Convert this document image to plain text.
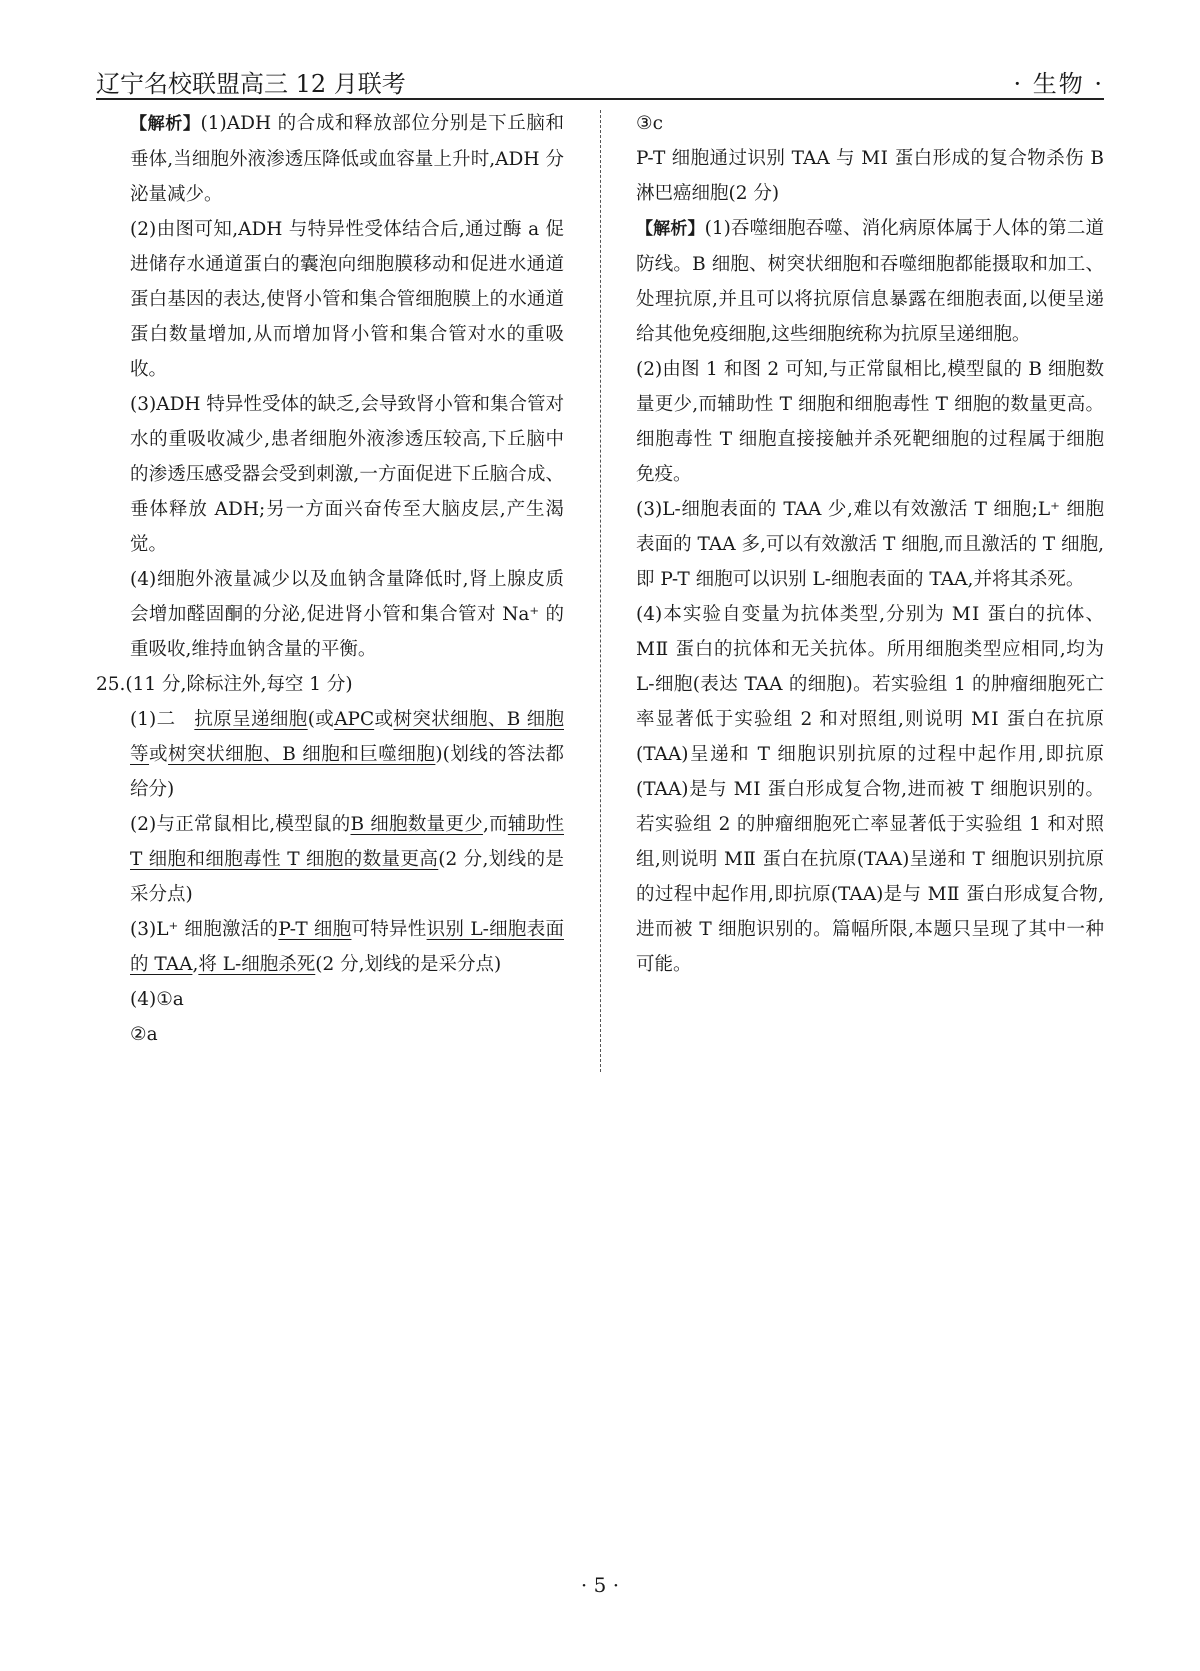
辽宁名校联盟高三 12 月联考	· 生物 ·

【解析】(1)ADH 的合成和释放部位分别是下丘脑和垂体,当细胞外液渗透压降低或血容量上升时,ADH 分泌量减少。

(2)由图可知,ADH 与特异性受体结合后,通过酶 a 促进储存水通道蛋白的囊泡向细胞膜移动和促进水通道蛋白基因的表达,使肾小管和集合管细胞膜上的水通道蛋白数量增加,从而增加肾小管和集合管对水的重吸收。

(3)ADH 特异性受体的缺乏,会导致肾小管和集合管对水的重吸收减少,患者细胞外液渗透压较高,下丘脑中的渗透压感受器会受到刺激,一方面促进下丘脑合成、垂体释放 ADH;另一方面兴奋传至大脑皮层,产生渴觉。

(4)细胞外液量减少以及血钠含量降低时,肾上腺皮质会增加醛固酮的分泌,促进肾小管和集合管对 Na⁺ 的重吸收,维持血钠含量的平衡。

25.(11 分,除标注外,每空 1 分)

(1)二　抗原呈递细胞(或APC或树突状细胞、B 细胞等或树突状细胞、B 细胞和巨噬细胞)(划线的答法都给分)

(2)与正常鼠相比,模型鼠的B 细胞数量更少,而辅助性 T 细胞和细胞毒性 T 细胞的数量更高(2 分,划线的是采分点)

(3)L⁺ 细胞激活的P-T 细胞可特异性识别 L-细胞表面的 TAA,将 L-细胞杀死(2 分,划线的是采分点)

(4)①a

②a

③c

P-T 细胞通过识别 TAA 与 MⅠ 蛋白形成的复合物杀伤 B 淋巴癌细胞(2 分)

【解析】(1)吞噬细胞吞噬、消化病原体属于人体的第二道防线。B 细胞、树突状细胞和吞噬细胞都能摄取和加工、处理抗原,并且可以将抗原信息暴露在细胞表面,以便呈递给其他免疫细胞,这些细胞统称为抗原呈递细胞。

(2)由图 1 和图 2 可知,与正常鼠相比,模型鼠的 B 细胞数量更少,而辅助性 T 细胞和细胞毒性 T 细胞的数量更高。细胞毒性 T 细胞直接接触并杀死靶细胞的过程属于细胞免疫。

(3)L-细胞表面的 TAA 少,难以有效激活 T 细胞;L⁺ 细胞表面的 TAA 多,可以有效激活 T 细胞,而且激活的 T 细胞,即 P-T 细胞可以识别 L-细胞表面的 TAA,并将其杀死。

(4)本实验自变量为抗体类型,分别为 MⅠ 蛋白的抗体、MⅡ 蛋白的抗体和无关抗体。所用细胞类型应相同,均为 L-细胞(表达 TAA 的细胞)。若实验组 1 的肿瘤细胞死亡率显著低于实验组 2 和对照组,则说明 MⅠ 蛋白在抗原(TAA)呈递和 T 细胞识别抗原的过程中起作用,即抗原(TAA)是与 MⅠ 蛋白形成复合物,进而被 T 细胞识别的。若实验组 2 的肿瘤细胞死亡率显著低于实验组 1 和对照组,则说明 MⅡ 蛋白在抗原(TAA)呈递和 T 细胞识别抗原的过程中起作用,即抗原(TAA)是与 MⅡ 蛋白形成复合物,进而被 T 细胞识别的。篇幅所限,本题只呈现了其中一种可能。

· 5 ·
